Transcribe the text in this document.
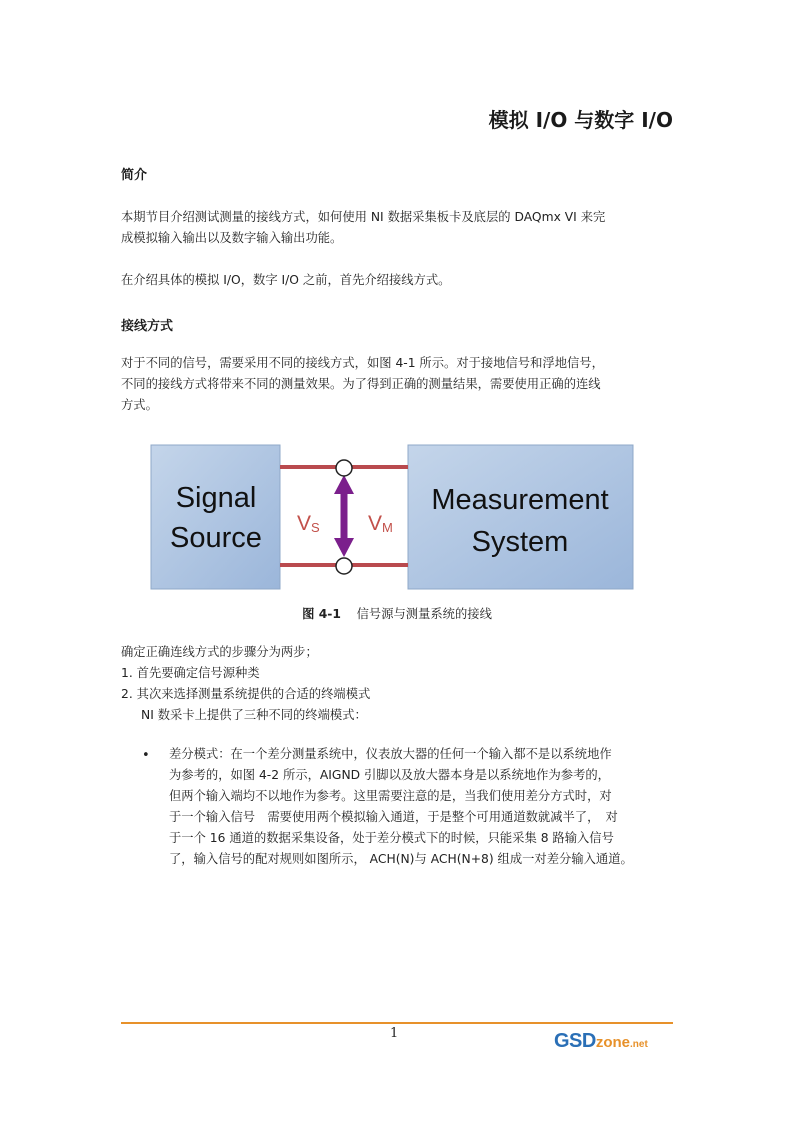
模拟 I/O 与数字 I/O
简介
本期节目介绍测试测量的接线方式，如何使用 NI 数据采集板卡及底层的 DAQmx VI 来完
成模拟输入输出以及数字输入输出功能。
在介绍具体的模拟 I/O，数字 I/O 之前，首先介绍接线方式。
接线方式
对于不同的信号，需要采用不同的接线方式，如图 4-1 所示。对于接地信号和浮地信号，
不同的接线方式将带来不同的测量效果。为了得到正确的测量结果，需要使用正确的连线
方式。
Signal
Source
Measurement
System
VS VM
图 4-1 信号源与测量系统的接线
确定正确连线方式的步骤分为两步；
1. 首先要确定信号源种类
2. 其次来选择测量系统提供的合适的终端模式
NI 数采卡上提供了三种不同的终端模式：
• 差分模式：在一个差分测量系统中，仪表放大器的任何一个输入都不是以系统地作
为参考的，如图 4-2 所示，AIGND 引脚以及放大器本身是以系统地作为参考的，
但两个输入端均不以地作为参考。这里需要注意的是，当我们使用差分方式时，对
于一个输入信号　需要使用两个模拟输入通道，于是整个可用通道数就减半了，　对
于一个 16 通道的数据采集设备，处于差分模式下的时候，只能采集 8 路输入信号
了，输入信号的配对规则如图所示， ACH(N)与 ACH(N+8) 组成一对差分输入通道。
1	GSDzone.net
